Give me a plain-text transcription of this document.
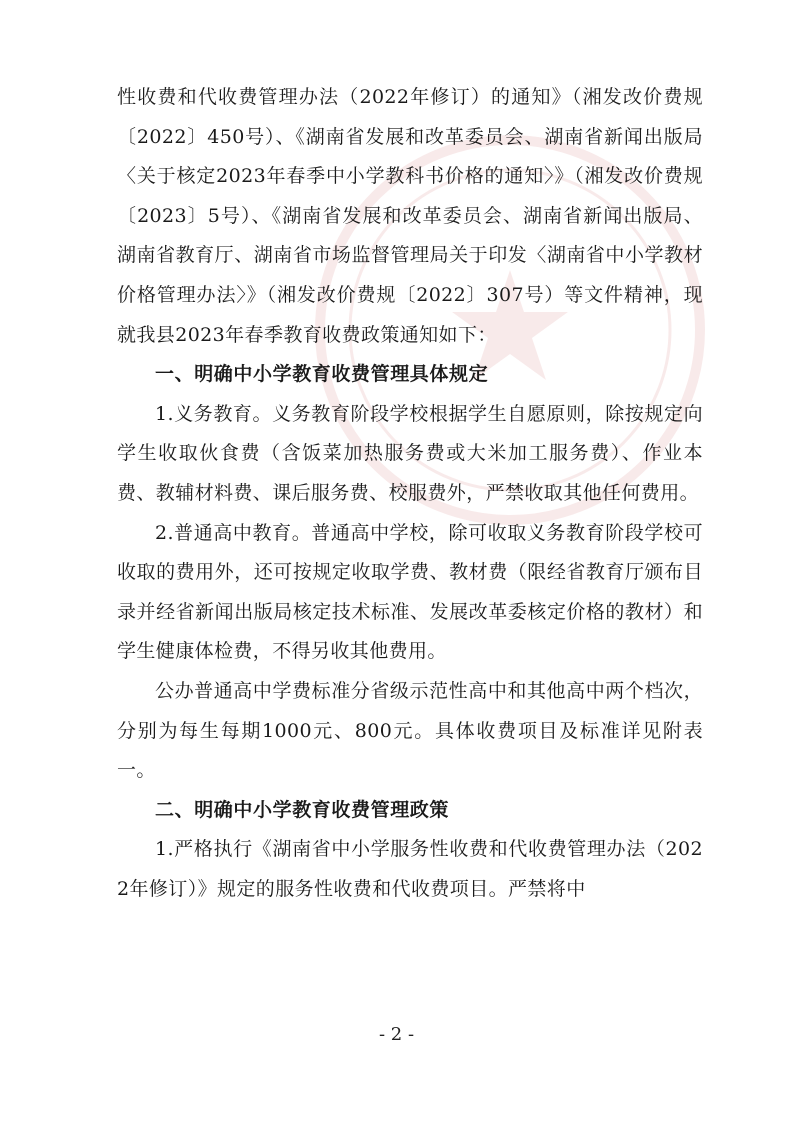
性收费和代收费管理办法（2022年修订）的通知》（湘发改价费规〔2022〕450号）、《湖南省发展和改革委员会、湖南省新闻出版局〈关于核定2023年春季中小学教科书价格的通知〉》（湘发改价费规〔2023〕5号）、《湖南省发展和改革委员会、湖南省新闻出版局、湖南省教育厅、湖南省市场监督管理局关于印发〈湖南省中小学教材价格管理办法〉》（湘发改价费规〔2022〕307号）等文件精神，现就我县2023年春季教育收费政策通知如下：

一、明确中小学教育收费管理具体规定

1.义务教育。义务教育阶段学校根据学生自愿原则，除按规定向学生收取伙食费（含饭菜加热服务费或大米加工服务费）、作业本费、教辅材料费、课后服务费、校服费外，严禁收取其他任何费用。

2.普通高中教育。普通高中学校，除可收取义务教育阶段学校可收取的费用外，还可按规定收取学费、教材费（限经省教育厅颁布目录并经省新闻出版局核定技术标准、发展改革委核定价格的教材）和学生健康体检费，不得另收其他费用。

公办普通高中学费标准分省级示范性高中和其他高中两个档次，分别为每生每期1000元、800元。具体收费项目及标准详见附表一。

二、明确中小学教育收费管理政策

1.严格执行《湖南省中小学服务性收费和代收费管理办法（2022年修订）》规定的服务性收费和代收费项目。严禁将中

- 2 -
